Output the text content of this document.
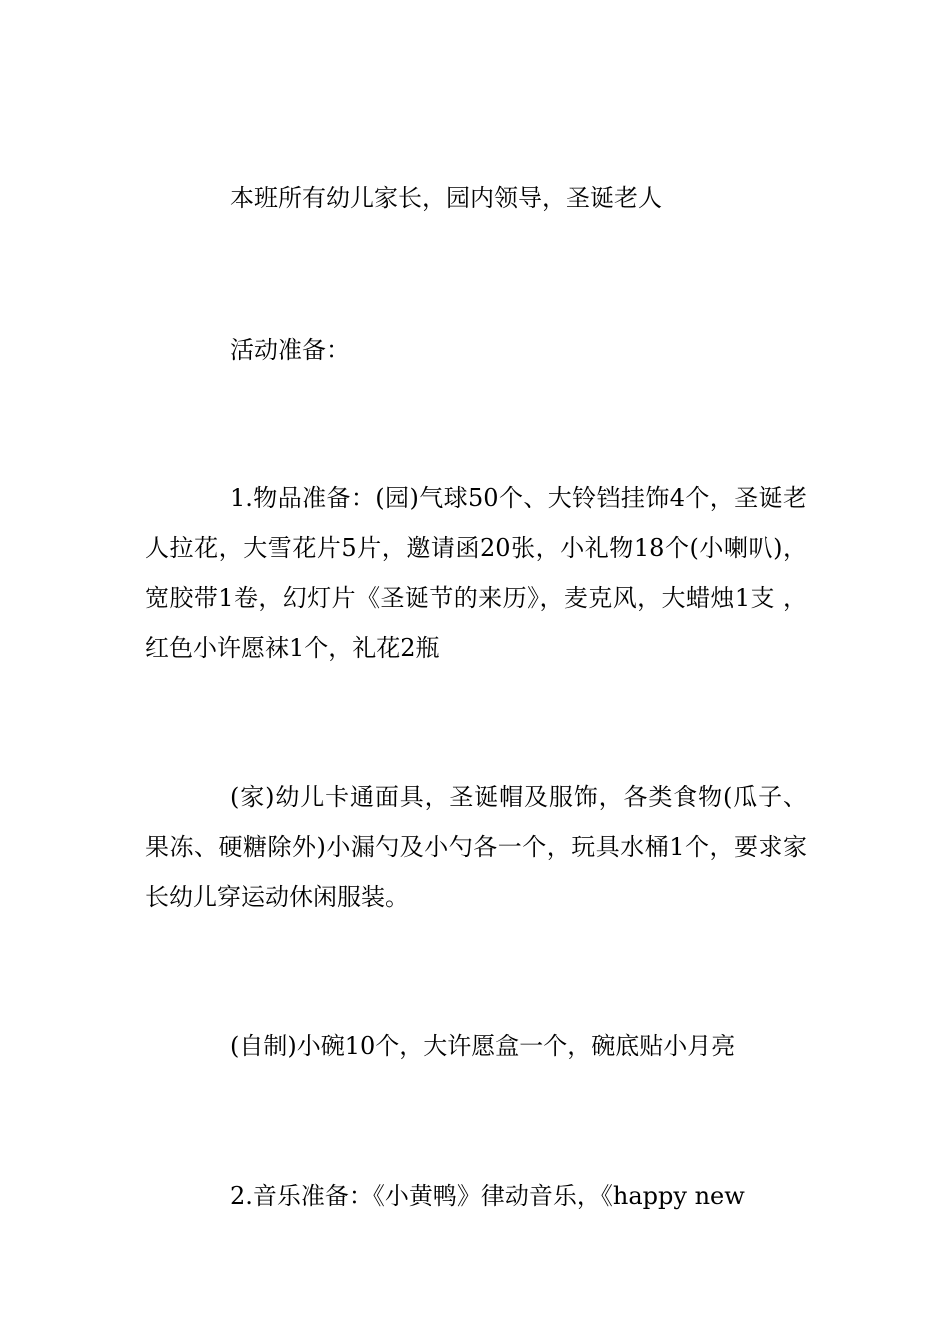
本班所有幼儿家长，园内领导，圣诞老人

活动准备：

1.物品准备：(园)气球50个、大铃铛挂饰4个，圣诞老人拉花，大雪花片5片，邀请函20张，小礼物18个(小喇叭)，宽胶带1卷，幻灯片《圣诞节的来历》，麦克风，大蜡烛1支 ，红色小许愿袜1个，礼花2瓶

(家)幼儿卡通面具，圣诞帽及服饰，各类食物(瓜子、果冻、硬糖除外)小漏勺及小勺各一个，玩具水桶1个，要求家长幼儿穿运动休闲服装。

(自制)小碗10个，大许愿盒一个，碗底贴小月亮

2.音乐准备：《小黄鸭》律动音乐，《happy new
